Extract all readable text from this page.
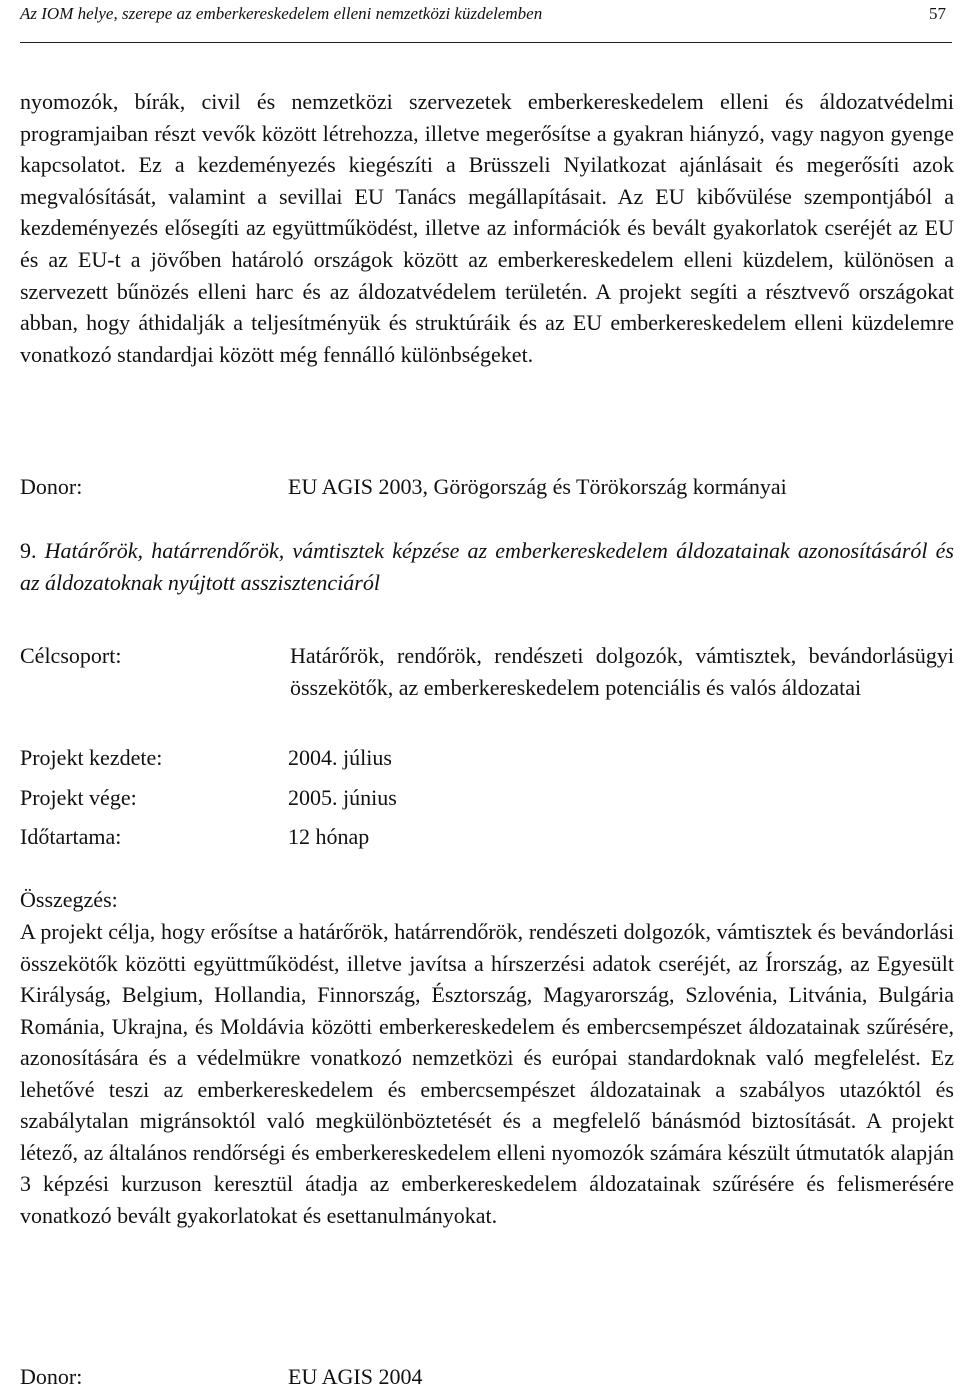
Az IOM helye, szerepe az emberkereskedelem elleni nemzetközi küzdelemben	57

nyomozók, bírák, civil és nemzetközi szervezetek emberkereskedelem elleni és áldozatvédelmi programjaiban részt vevők között létrehozza, illetve megerősítse a gyakran hiányzó, vagy nagyon gyenge kapcsolatot. Ez a kezdeményezés kiegészíti a Brüsszeli Nyilatkozat ajánlásait és megerősíti azok megvalósítását, valamint a sevillai EU Tanács megállapításait. Az EU kibővülése szempontjából a kezdeményezés elősegíti az együttműködést, illetve az információk és bevált gyakorlatok cseréjét az EU és az EU-t a jövőben határoló országok között az emberkereskedelem elleni küzdelem, különösen a szervezett bűnözés elleni harc és az áldozatvédelem területén. A projekt segíti a résztvevő országokat abban, hogy áthidalják a teljesítményük és struktúráik és az EU emberkereskedelem elleni küzdelemre vonatkozó standardjai között még fennálló különbségeket.

Donor:	EU AGIS 2003, Görögország és Törökország kormányai
9. Határőrök, határrendőrök, vámtisztek képzése az emberkereskedelem áldozatainak azonosításáról és az áldozatoknak nyújtott asszisztenciáról
Célcsoport:	Határőrök, rendőrök, rendészeti dolgozók, vámtisztek, bevándorlásügyi összekötők, az emberkereskedelem potenciális és valós áldozatai
Projekt kezdete:	2004. július
Projekt vége:	2005. június
Időtartama:	12 hónap
Összegzés:

A projekt célja, hogy erősítse a határőrök, határrendőrök, rendészeti dolgozók, vámtisztek és bevándorlási összekötők közötti együttműködést, illetve javítsa a hírszerzési adatok cseréjét, az Írország, az Egyesült Királyság, Belgium, Hollandia, Finnország, Észtország, Magyarország, Szlovénia, Litvánia, Bulgária Románia, Ukrajna, és Moldávia közötti emberkereskedelem és embercsempészet áldozatainak szűrésére, azonosítására és a védelmükre vonatkozó nemzetközi és európai standardoknak való megfelelést. Ez lehetővé teszi az emberkereskedelem és embercsempészet áldozatainak a szabályos utazóktól és szabálytalan migránsoktól való megkülönböztetését és a megfelelő bánásmód biztosítását. A projekt létező, az általános rendőrségi és emberkereskedelem elleni nyomozók számára készült útmutatók alapján 3 képzési kurzuson keresztül átadja az emberkereskedelem áldozatainak szűrésére és felismerésére vonatkozó bevált gyakorlatokat és esettanulmányokat.

Donor:	EU AGIS 2004
